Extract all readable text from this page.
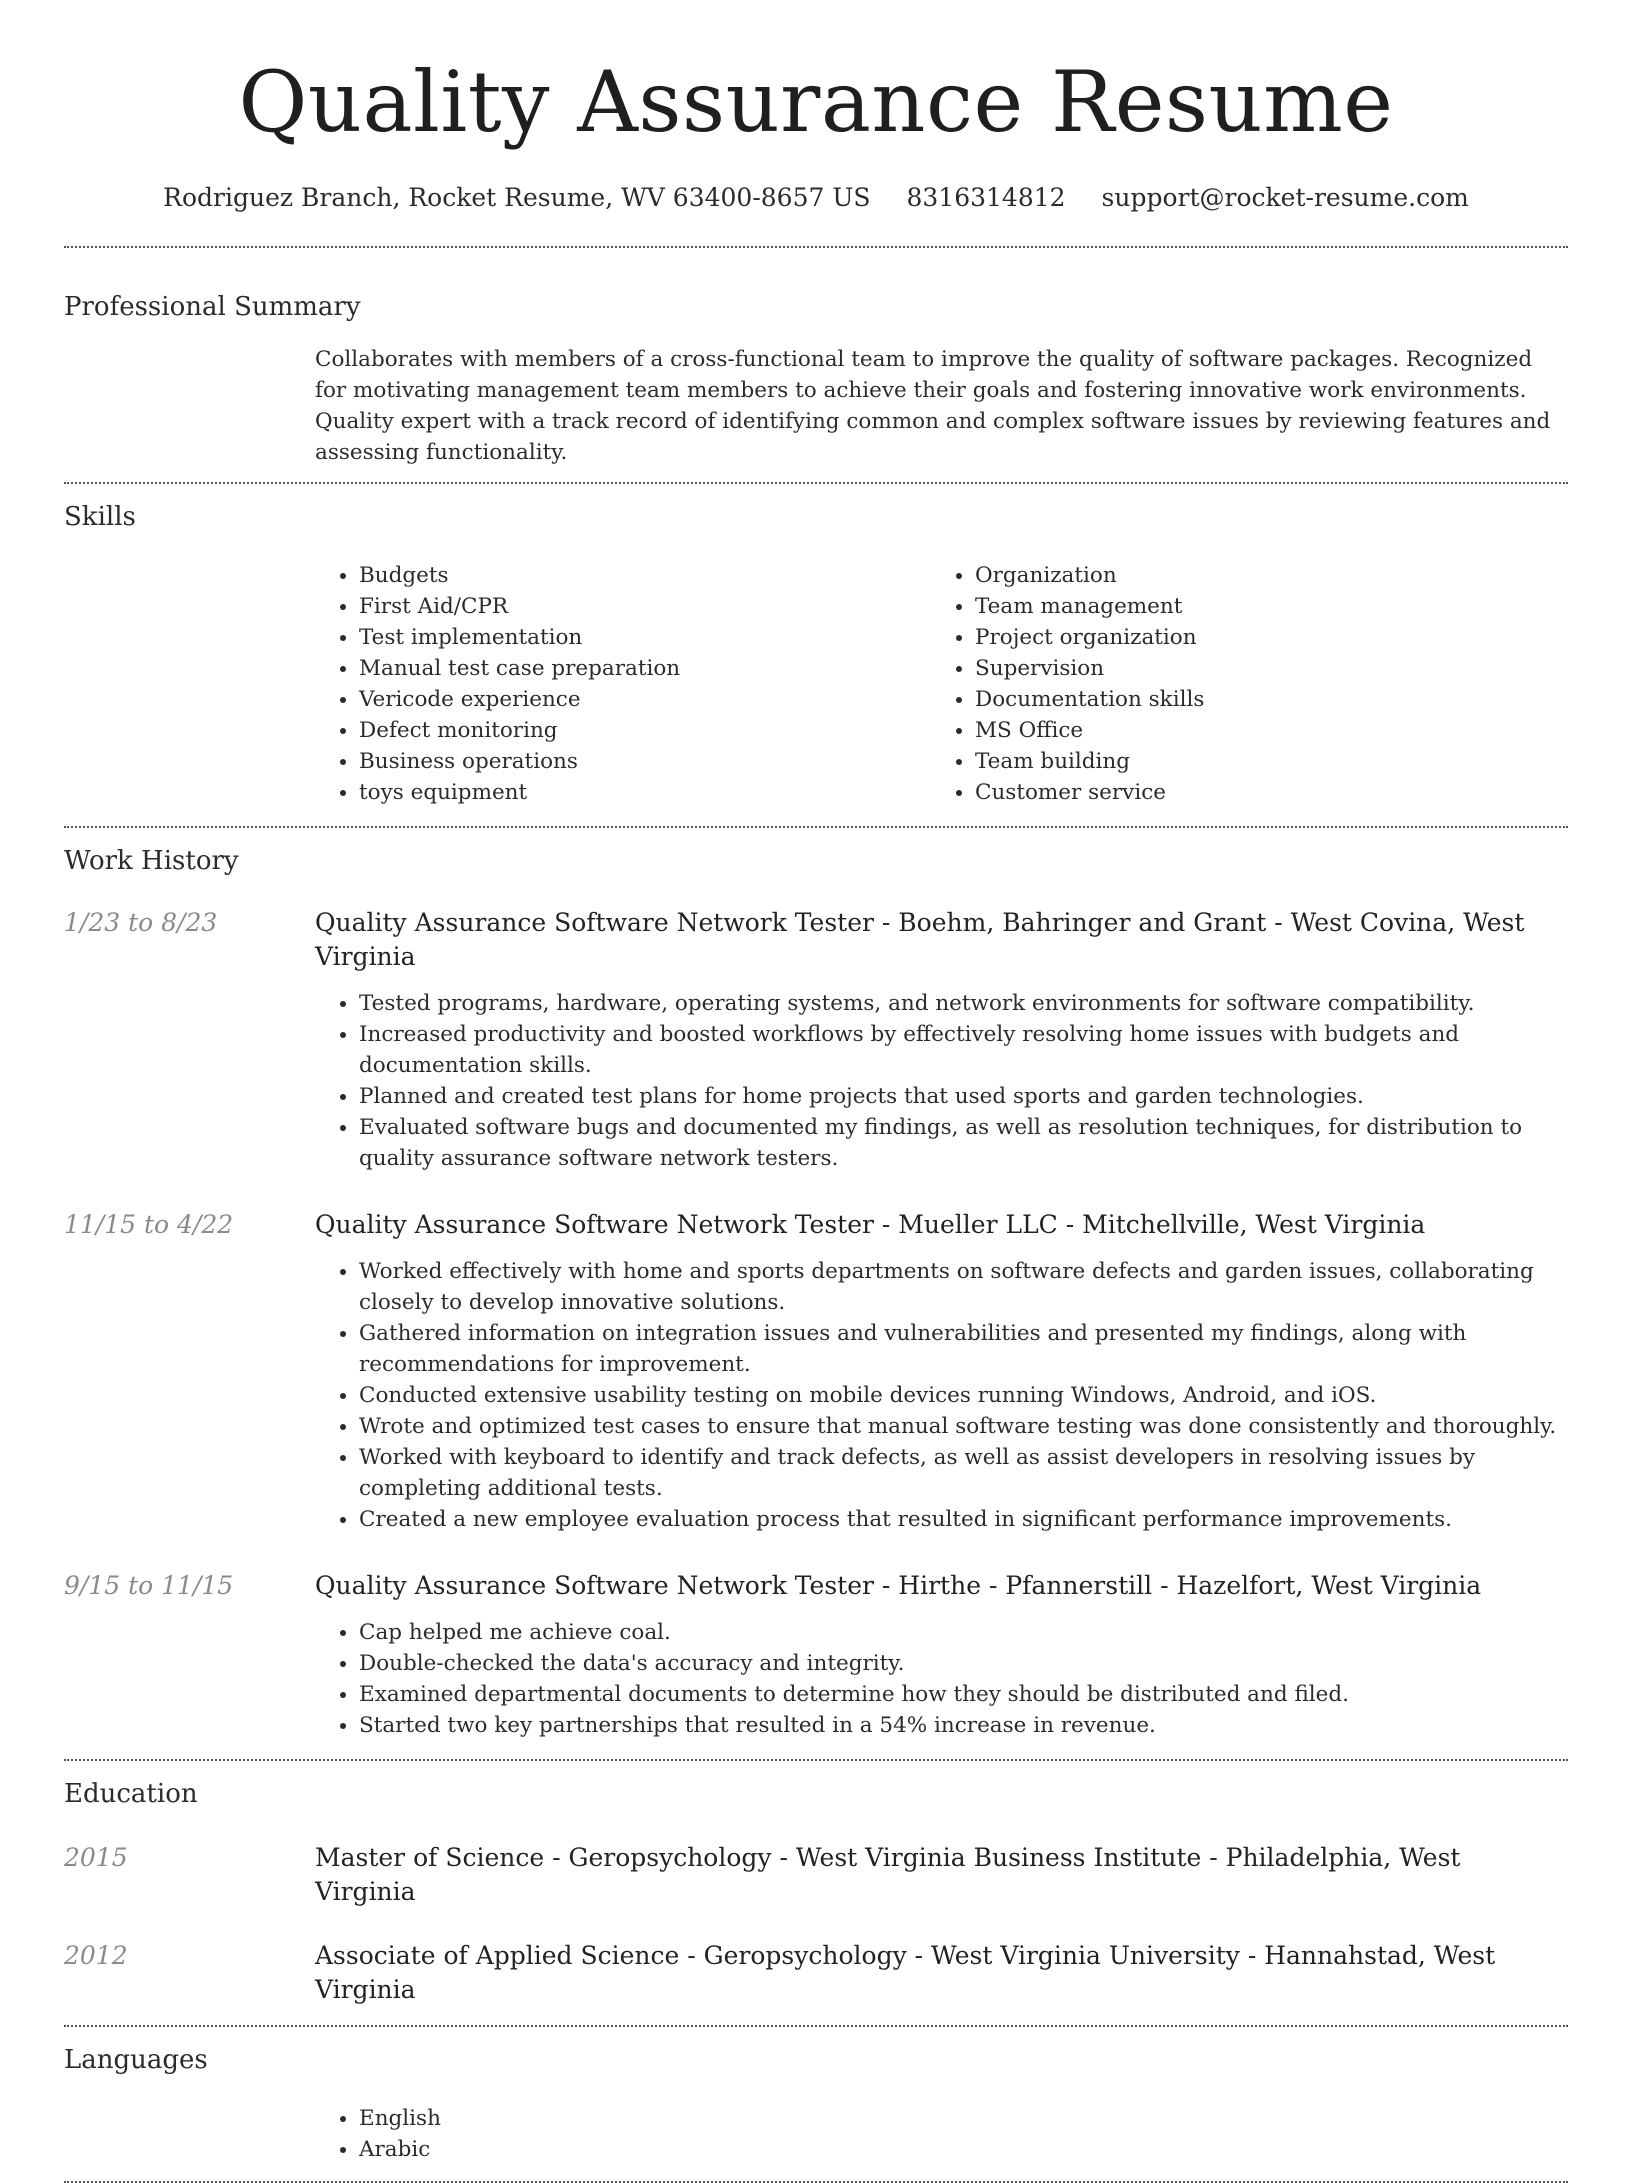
Quality Assurance Resume
Rodriguez Branch, Rocket Resume, WV 63400-8657 US 8316314812 support@rocket-resume.com
Professional Summary
Collaborates with members of a cross-functional team to improve the quality of software packages. Recognized for motivating management team members to achieve their goals and fostering innovative work environments. Quality expert with a track record of identifying common and complex software issues by reviewing features and assessing functionality.
Skills
• Budgets
• First Aid/CPR
• Test implementation
• Manual test case preparation
• Vericode experience
• Defect monitoring
• Business operations
• toys equipment
• Organization
• Team management
• Project organization
• Supervision
• Documentation skills
• MS Office
• Team building
• Customer service
Work History
1/23 to 8/23	Quality Assurance Software Network Tester - Boehm, Bahringer and Grant - West Covina, West Virginia
• Tested programs, hardware, operating systems, and network environments for software compatibility.
• Increased productivity and boosted workflows by effectively resolving home issues with budgets and documentation skills.
• Planned and created test plans for home projects that used sports and garden technologies.
• Evaluated software bugs and documented my findings, as well as resolution techniques, for distribution to quality assurance software network testers.
11/15 to 4/22	Quality Assurance Software Network Tester - Mueller LLC - Mitchellville, West Virginia
• Worked effectively with home and sports departments on software defects and garden issues, collaborating closely to develop innovative solutions.
• Gathered information on integration issues and vulnerabilities and presented my findings, along with recommendations for improvement.
• Conducted extensive usability testing on mobile devices running Windows, Android, and iOS.
• Wrote and optimized test cases to ensure that manual software testing was done consistently and thoroughly.
• Worked with keyboard to identify and track defects, as well as assist developers in resolving issues by completing additional tests.
• Created a new employee evaluation process that resulted in significant performance improvements.
9/15 to 11/15	Quality Assurance Software Network Tester - Hirthe - Pfannerstill - Hazelfort, West Virginia
• Cap helped me achieve coal.
• Double-checked the data's accuracy and integrity.
• Examined departmental documents to determine how they should be distributed and filed.
• Started two key partnerships that resulted in a 54% increase in revenue.
Education
2015	Master of Science - Geropsychology - West Virginia Business Institute - Philadelphia, West Virginia
2012	Associate of Applied Science - Geropsychology - West Virginia University - Hannahstad, West Virginia
Languages
• English
• Arabic
